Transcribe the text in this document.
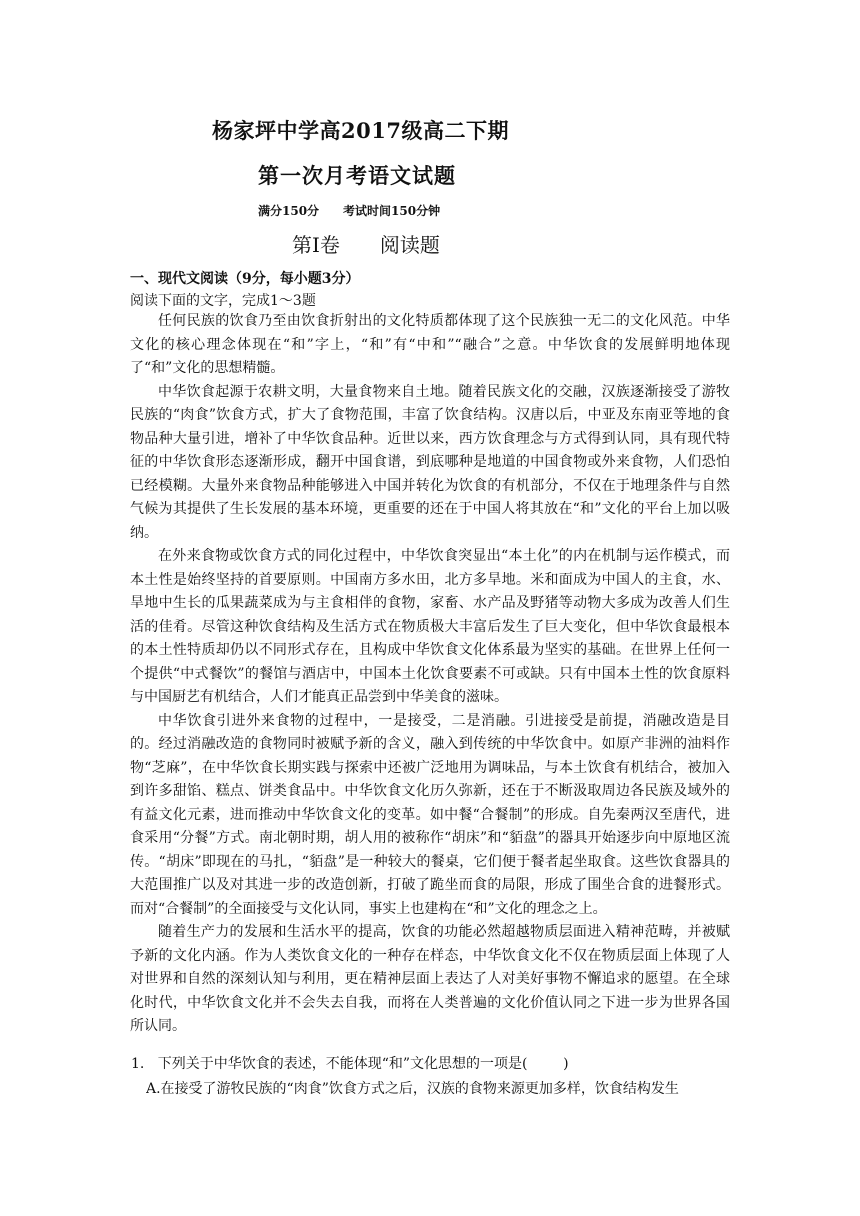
杨家坪中学高2017级高二下期
第一次月考语文试题
满分150分　　考试时间150分钟
第Ⅰ卷　　阅读题
一、现代文阅读（9分，每小题3分）
阅读下面的文字，完成1～3题

任何民族的饮食乃至由饮食折射出的文化特质都体现了这个民族独一无二的文化风范。中华文化的核心理念体现在“和”字上，“和”有“中和”“融合”之意。中华饮食的发展鲜明地体现了“和”文化的思想精髓。

中华饮食起源于农耕文明，大量食物来自土地。随着民族文化的交融，汉族逐渐接受了游牧民族的“肉食”饮食方式，扩大了食物范围，丰富了饮食结构。汉唐以后，中亚及东南亚等地的食物品种大量引进，增补了中华饮食品种。近世以来，西方饮食理念与方式得到认同，具有现代特征的中华饮食形态逐渐形成，翻开中国食谱，到底哪种是地道的中国食物或外来食物，人们恐怕已经模糊。大量外来食物品种能够进入中国并转化为饮食的有机部分，不仅在于地理条件与自然气候为其提供了生长发展的基本环境，更重要的还在于中国人将其放在“和”文化的平台上加以吸纳。

在外来食物或饮食方式的同化过程中，中华饮食突显出“本土化”的内在机制与运作模式，而本土性是始终坚持的首要原则。中国南方多水田，北方多旱地。米和面成为中国人的主食，水、旱地中生长的瓜果蔬菜成为与主食相伴的食物，家畜、水产品及野猪等动物大多成为改善人们生活的佳肴。尽管这种饮食结构及生活方式在物质极大丰富后发生了巨大变化，但中华饮食最根本的本土性特质却仍以不同形式存在，且构成中华饮食文化体系最为坚实的基础。在世界上任何一个提供“中式餐饮”的餐馆与酒店中，中国本土化饮食要素不可或缺。只有中国本土性的饮食原料与中国厨艺有机结合，人们才能真正品尝到中华美食的滋味。

中华饮食引进外来食物的过程中，一是接受，二是消融。引进接受是前提，消融改造是目的。经过消融改造的食物同时被赋予新的含义，融入到传统的中华饮食中。如原产非洲的油料作物“芝麻”，在中华饮食长期实践与探索中还被广泛地用为调味品，与本土饮食有机结合，被加入到许多甜馅、糕点、饼类食品中。中华饮食文化历久弥新，还在于不断汲取周边各民族及域外的有益文化元素，进而推动中华饮食文化的变革。如中餐“合餐制”的形成。自先秦两汉至唐代，进食采用“分餐”方式。南北朝时期，胡人用的被称作“胡床”和“貊盘”的器具开始逐步向中原地区流传。“胡床”即现在的马扎，“貊盘”是一种较大的餐桌，它们便于餐者起坐取食。这些饮食器具的大范围推广以及对其进一步的改造创新，打破了跪坐而食的局限，形成了围坐合食的进餐形式。而对“合餐制”的全面接受与文化认同，事实上也建构在“和”文化的理念之上。

随着生产力的发展和生活水平的提高，饮食的功能必然超越物质层面进入精神范畴，并被赋予新的文化内涵。作为人类饮食文化的一种存在样态，中华饮食文化不仅在物质层面上体现了人对世界和自然的深刻认知与利用，更在精神层面上表达了人对美好事物不懈追求的愿望。在全球化时代，中华饮食文化并不会失去自我，而将在人类普遍的文化价值认同之下进一步为世界各国所认同。

1.   下列关于中华饮食的表述，不能体现“和”文化思想的一项是(        )
A.在接受了游牧民族的“肉食”饮食方式之后，汉族的食物来源更加多样，饮食结构发生
